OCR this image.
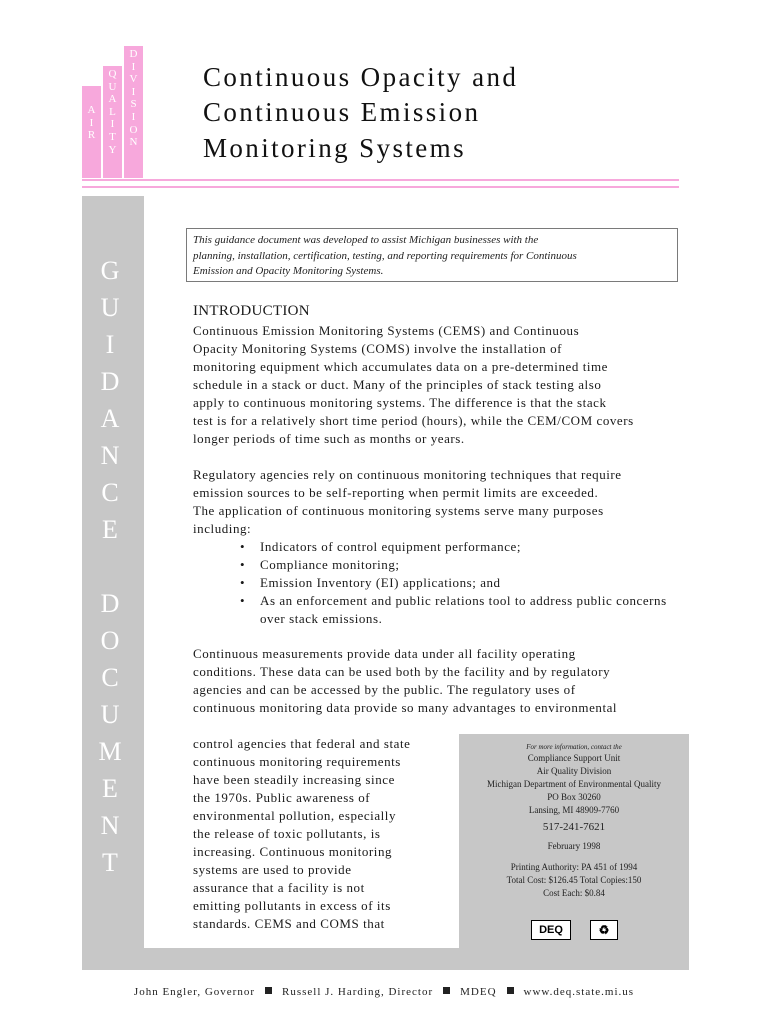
A
I
R
Q
U
A
L
I
T
Y
D
I
V
I
S
I
O
N
Continuous Opacity and
Continuous Emission
Monitoring Systems
G
U
I
D
A
N
C
E
D
O
C
U
M
E
N
T
This guidance document was developed to assist Michigan businesses with the
planning, installation, certification, testing, and reporting requirements for Continuous
Emission and Opacity Monitoring Systems.
INTRODUCTION
Continuous Emission Monitoring Systems (CEMS) and Continuous
Opacity Monitoring Systems (COMS) involve the installation of
monitoring equipment which accumulates data on a pre-determined time
schedule in a stack or duct. Many of the principles of stack testing also
apply to continuous monitoring systems. The difference is that the stack
test is for a relatively short time period (hours), while the CEM/COM covers
longer periods of time such as months or years.
Regulatory agencies rely on continuous monitoring techniques that require
emission sources to be self-reporting when permit limits are exceeded.
The application of continuous monitoring systems serve many purposes
including:
• Indicators of control equipment performance;
• Compliance monitoring;
• Emission Inventory (EI) applications; and
• As an enforcement and public relations tool to address public concerns over stack emissions.
Continuous measurements provide data under all facility operating
conditions. These data can be used both by the facility and by regulatory
agencies and can be accessed by the public. The regulatory uses of
continuous monitoring data provide so many advantages to environmental
control agencies that federal and state
continuous monitoring requirements
have been steadily increasing since
the 1970s. Public awareness of
environmental pollution, especially
the release of toxic pollutants, is
increasing. Continuous monitoring
systems are used to provide
assurance that a facility is not
emitting pollutants in excess of its
standards. CEMS and COMS that
For more information, contact the
Compliance Support Unit
Air Quality Division
Michigan Department of Environmental Quality
PO Box 30260
Lansing, MI 48909-7760
517-241-7621
February 1998
Printing Authority: PA 451 of 1994
Total Cost: $126.45 Total Copies:150
Cost Each: $0.84
DEQ	♻
John Engler, Governor Russell J. Harding, Director MDEQ www.deq.state.mi.us
